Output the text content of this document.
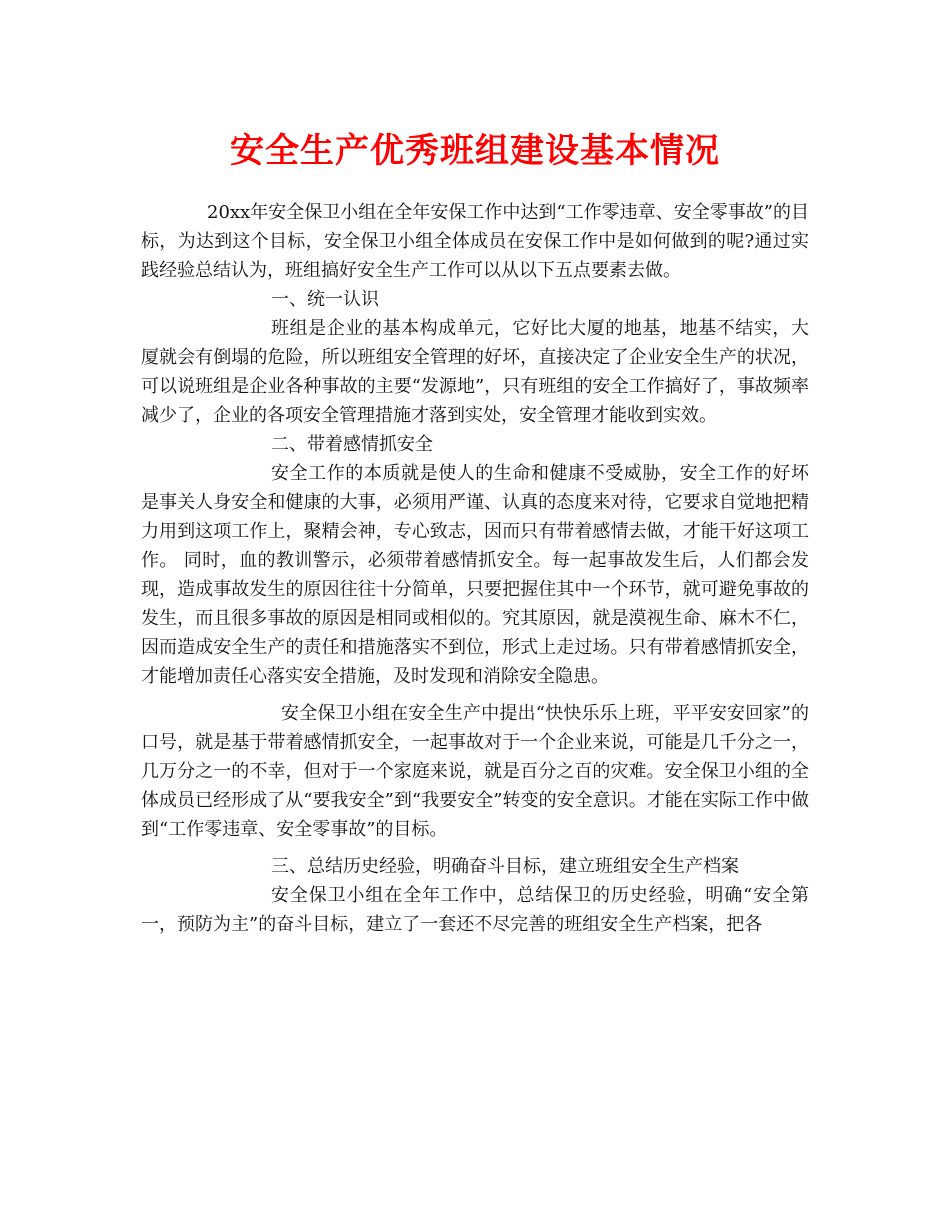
安全生产优秀班组建设基本情况

20xx年安全保卫小组在全年安保工作中达到“工作零违章、安全零事故”的目标，为达到这个目标，安全保卫小组全体成员在安保工作中是如何做到的呢?通过实践经验总结认为，班组搞好安全生产工作可以从以下五点要素去做。

一、统一认识

班组是企业的基本构成单元，它好比大厦的地基，地基不结实，大厦就会有倒塌的危险，所以班组安全管理的好坏，直接决定了企业安全生产的状况，可以说班组是企业各种事故的主要“发源地”，只有班组的安全工作搞好了，事故频率减少了，企业的各项安全管理措施才落到实处，安全管理才能收到实效。

二、带着感情抓安全

安全工作的本质就是使人的生命和健康不受威胁，安全工作的好坏是事关人身安全和健康的大事，必须用严谨、认真的态度来对待，它要求自觉地把精力用到这项工作上，聚精会神，专心致志，因而只有带着感情去做，才能干好这项工作。 同时，血的教训警示，必须带着感情抓安全。每一起事故发生后，人们都会发现，造成事故发生的原因往往十分简单，只要把握住其中一个环节，就可避免事故的发生，而且很多事故的原因是相同或相似的。究其原因，就是漠视生命、麻木不仁，因而造成安全生产的责任和措施落实不到位，形式上走过场。只有带着感情抓安全，才能增加责任心落实安全措施，及时发现和消除安全隐患。

安全保卫小组在安全生产中提出“快快乐乐上班，平平安安回家”的口号，就是基于带着感情抓安全，一起事故对于一个企业来说，可能是几千分之一，几万分之一的不幸，但对于一个家庭来说，就是百分之百的灾难。安全保卫小组的全体成员已经形成了从“要我安全”到“我要安全”转变的安全意识。才能在实际工作中做到“工作零违章、安全零事故”的目标。

三、总结历史经验，明确奋斗目标，建立班组安全生产档案

安全保卫小组在全年工作中，总结保卫的历史经验，明确“安全第一，预防为主”的奋斗目标，建立了一套还不尽完善的班组安全生产档案，把各
